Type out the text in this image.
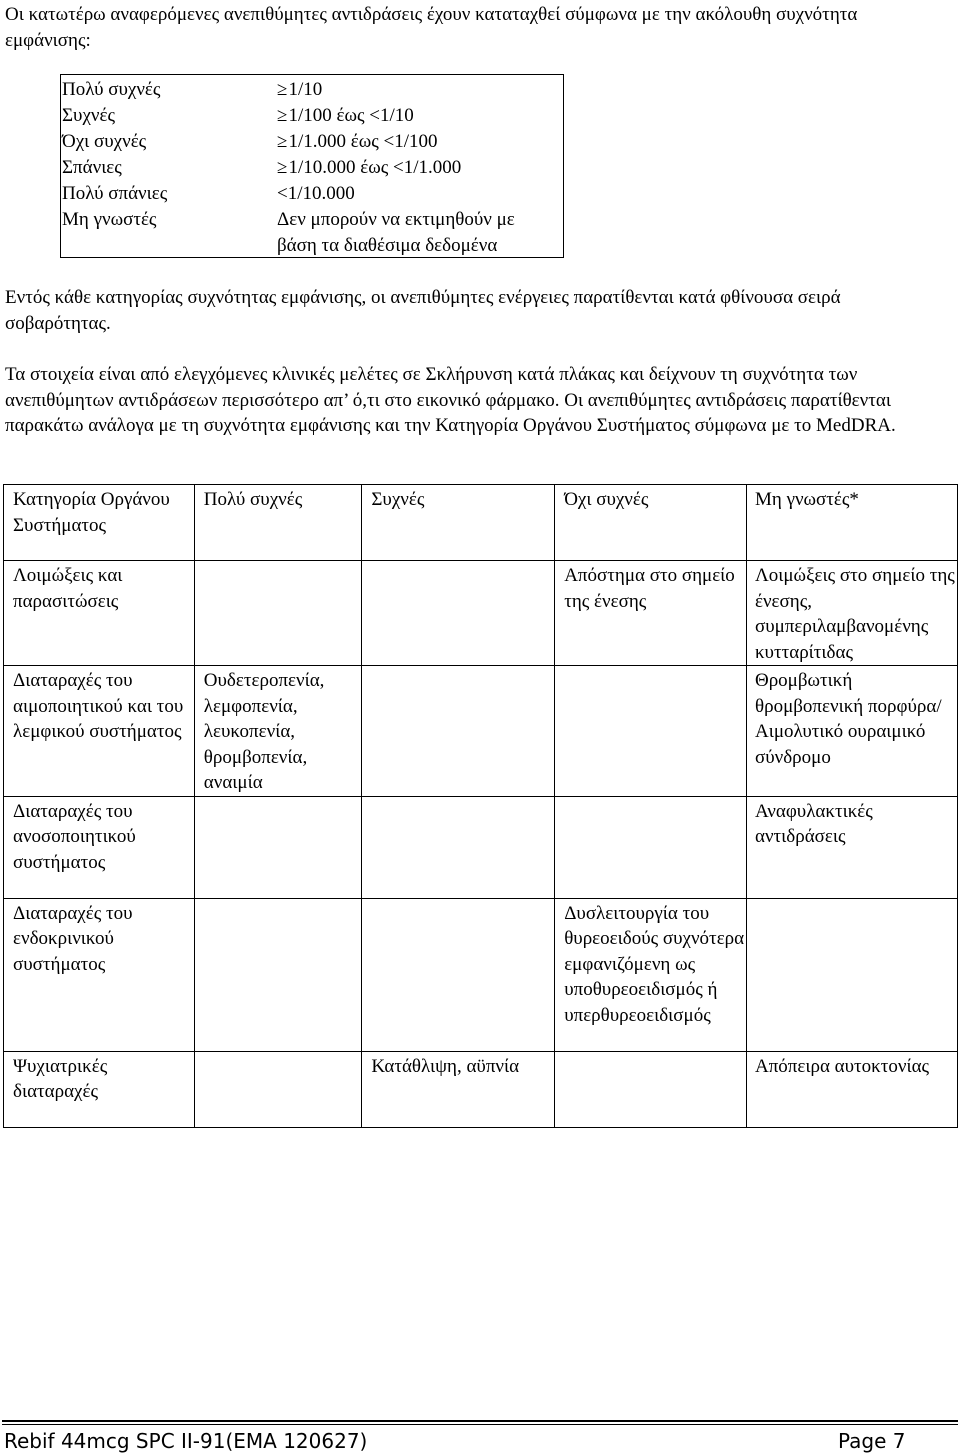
Οι κατωτέρω αναφερόμενες ανεπιθύμητες αντιδράσεις έχουν καταταχθεί σύμφωνα με την ακόλουθη συχνότητα εμφάνισης:

Πολύ συχνές	≥1/10
Συχνές	≥1/100 έως <1/10
Όχι συχνές	≥1/1.000 έως <1/100
Σπάνιες	≥1/10.000 έως <1/1.000
Πολύ σπάνιες	<1/10.000
Μη γνωστές	Δεν μπορούν να εκτιμηθούν με βάση τα διαθέσιμα δεδομένα

Εντός κάθε κατηγορίας συχνότητας εμφάνισης, οι ανεπιθύμητες ενέργειες παρατίθενται κατά φθίνουσα σειρά σοβαρότητας.

Τα στοιχεία είναι από ελεγχόμενες κλινικές μελέτες σε Σκλήρυνση κατά πλάκας και δείχνουν τη συχνότητα των ανεπιθύμητων αντιδράσεων περισσότερο απ’ ό,τι στο εικονικό φάρμακο. Οι ανεπιθύμητες αντιδράσεις παρατίθενται παρακάτω ανάλογα με τη συχνότητα εμφάνισης και την Κατηγορία Οργάνου Συστήματος σύμφωνα με το MedDRA.

Κατηγορία Οργάνου Συστήματος	Πολύ συχνές	Συχνές	Όχι συχνές	Μη γνωστές*
Λοιμώξεις και παρασιτώσεις			Απόστημα στο σημείο της ένεσης	Λοιμώξεις στο σημείο της ένεσης, συμπεριλαμβανομένης κυτταρίτιδας
Διαταραχές του αιμοποιητικού και του λεμφικού συστήματος	Ουδετεροπενία, λεμφοπενία, λευκοπενία, θρομβοπενία, αναιμία			Θρομβωτική θρομβοπενική πορφύρα/Αιμολυτικό ουραιμικό σύνδρομο
Διαταραχές του ανοσοποιητικού συστήματος				Αναφυλακτικές αντιδράσεις
Διαταραχές του ενδοκρινικού συστήματος			Δυσλειτουργία του θυρεοειδούς συχνότερα εμφανιζόμενη ως υποθυρεοειδισμός ή υπερθυρεοειδισμός	
Ψυχιατρικές διαταραχές		Κατάθλιψη, αϋπνία		Απόπειρα αυτοκτονίας
Rebif 44mcg SPC II-91(EMA 120627)	Page 7
